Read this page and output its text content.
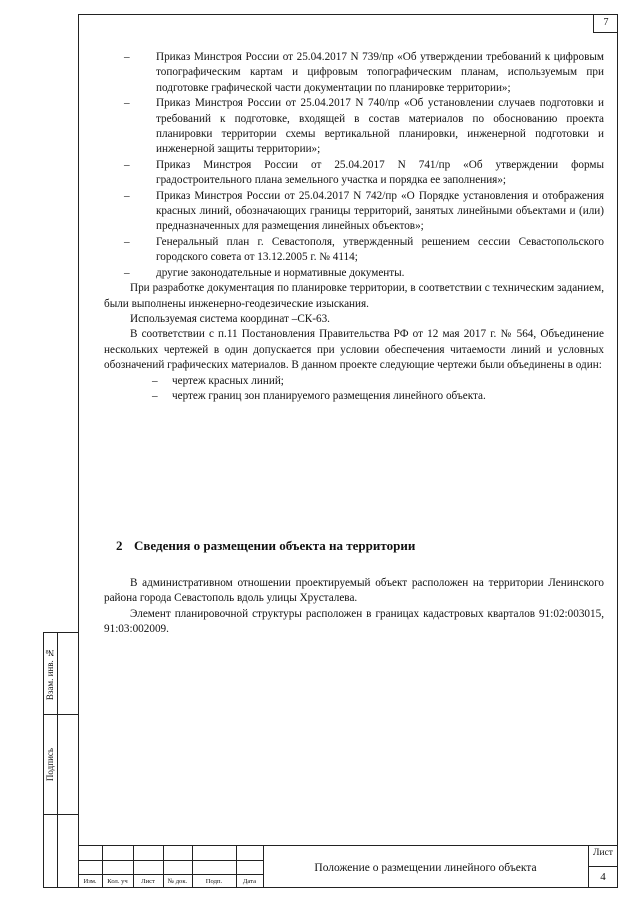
7
Взам. инв. №
Подпись
– Приказ Минстроя России от 25.04.2017 N 739/пр «Об утверждении требований к цифровым топографическим картам и цифровым топографическим планам, используемым при подготовке графической части документации по планировке территории»;
– Приказ Минстроя России от 25.04.2017 N 740/пр «Об установлении случаев подготовки и требований к подготовке, входящей в состав материалов по обоснованию проекта планировки территории схемы вертикальной планировки, инженерной подготовки и инженерной защиты территории»;
– Приказ Минстроя России от 25.04.2017 N 741/пр «Об утверждении формы градостроительного плана земельного участка и порядка ее заполнения»;
– Приказ Минстроя России от 25.04.2017 N 742/пр «О Порядке установления и отображения красных линий, обозначающих границы территорий, занятых линейными объектами и (или) предназначенных для размещения линейных объектов»;
– Генеральный план г. Севастополя, утвержденный решением сессии Севастопольского городского совета от 13.12.2005 г. № 4114;
– другие законодательные и нормативные документы.
При разработке документация по планировке территории, в соответствии с техническим заданием, были выполнены инженерно-геодезические изыскания.
Используемая система координат –СК-63.
В соответствии с п.11 Постановления Правительства РФ от 12 мая 2017 г. № 564, Объединение нескольких чертежей в один допускается при условии обеспечения читаемости линий и условных обозначений графических материалов. В данном проекте следующие чертежи были объединены в один:
– чертеж красных линий;
– чертеж границ зон планируемого размещения линейного объекта.
2 Сведения о размещении объекта на территории
В административном отношении проектируемый объект расположен на территории Ленинского района города Севастополь вдоль улицы Хрусталева.
Элемент планировочной структуры расположен в границах кадастровых кварталов 91:02:003015, 91:03:002009.
Изм.	Кол. уч	Лист	№ док.	Подп.	Дата
Положение о размещении линейного объекта
Лист
4
